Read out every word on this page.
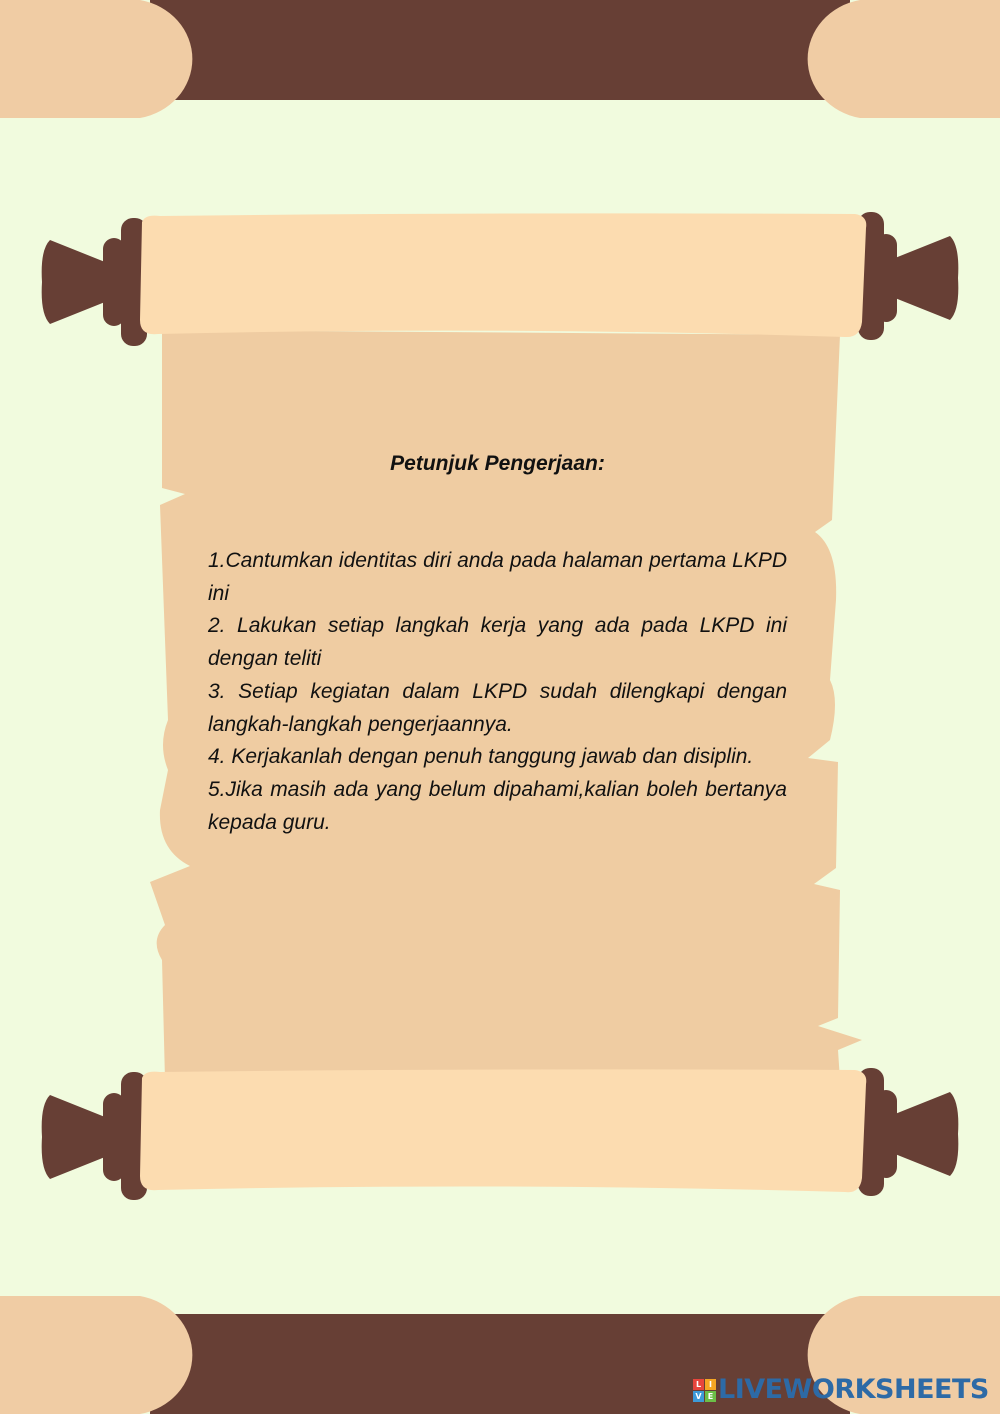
Petunjuk Pengerjaan:
1.Cantumkan identitas diri anda pada halaman pertama LKPD ini
2. Lakukan setiap langkah kerja yang ada pada LKPD ini dengan teliti
3. Setiap kegiatan dalam LKPD sudah dilengkapi dengan langkah-langkah pengerjaannya.
4. Kerjakanlah dengan penuh tanggung jawab dan disiplin.
5.Jika masih ada yang belum dipahami,kalian boleh bertanya kepada guru.
L I
V E LIVEWORKSHEETS
